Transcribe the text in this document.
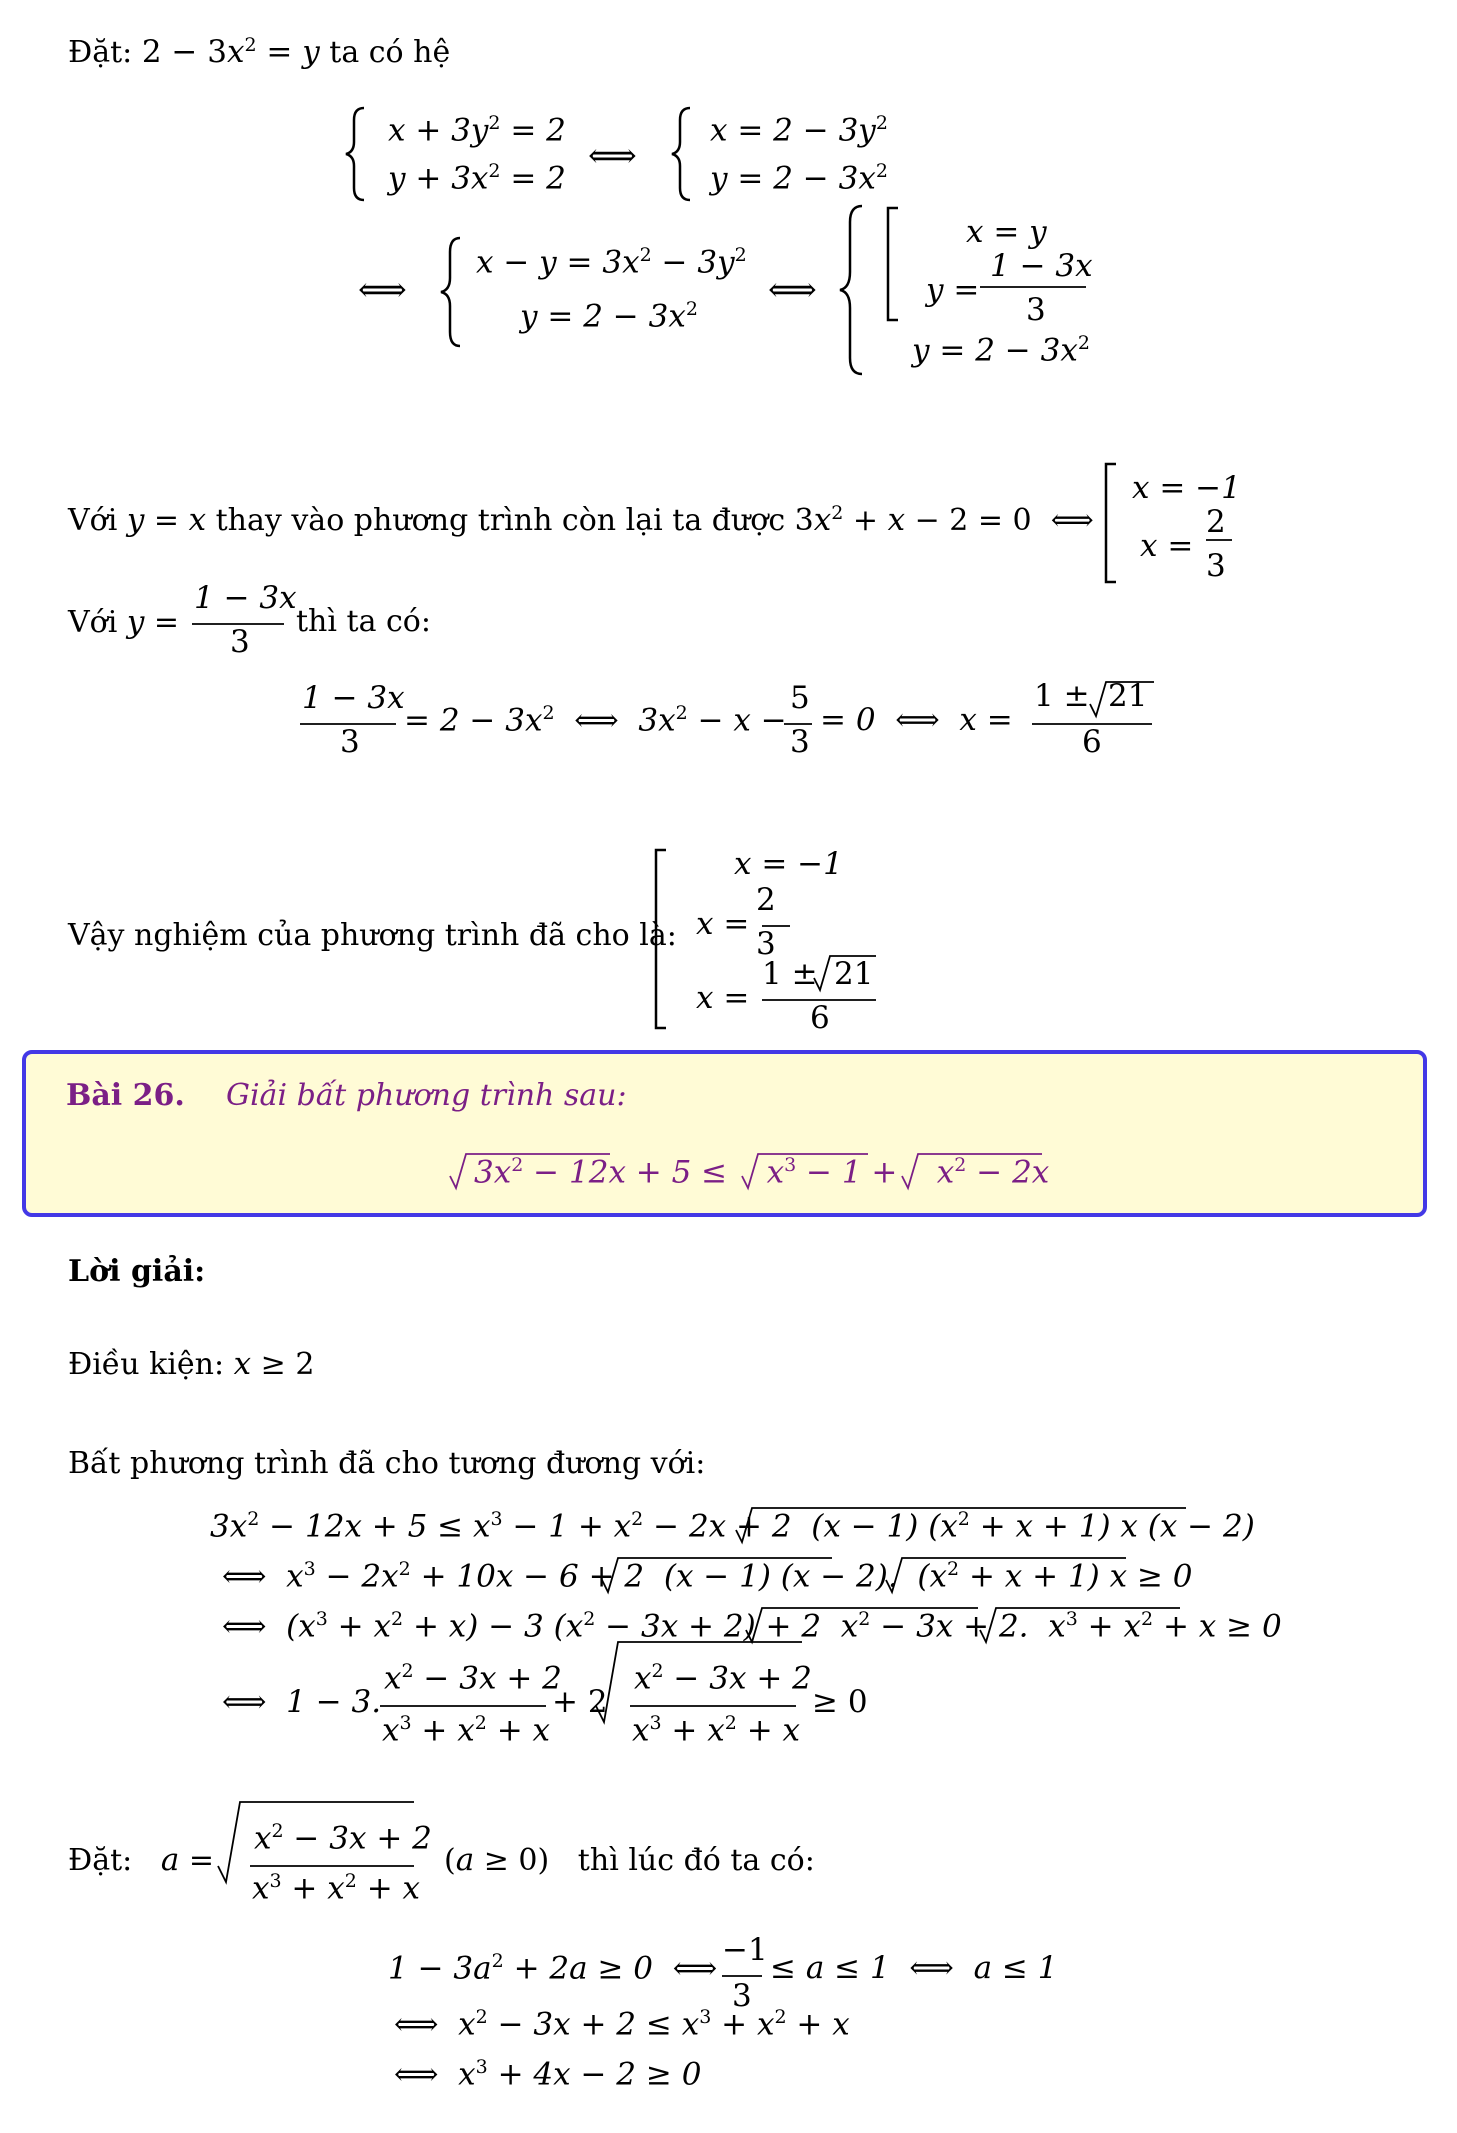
Đặt: $2 - 3x^2 = y$ ta có hệ
$x + 3y^2 = 2$
$y + 3x^2 = 2$
⟺
$x = 2 - 3y^2$
$y = 2 - 3x^2$
⟺
$x - y = 3x^2 - 3y^2$
$y = 2 - 3x^2$ ⟺
x = y
y =
1 − 3x
3
$y = 2 - 3x^2$
Với y = x thay vào phương trình còn lại ta được $3x^2 + x - 2 = 0$  ⟺
x = −1
x =
2
3
Với y =
1 − 3x
3
thì ta có:
1 − 3x
3
= $2 - 3x^2$  ⟺  $3x^2 - x$ −
5
3
= 0  ⟺  x =
1 ± 21
6
Vậy nghiệm của phương trình đã cho là:
x = −1
x =
2
3
x =
1 ± 21
6
Bài 26. Giải bất phương trình sau:
$3x^2 - 12x + 5$ ≤    $x^3 - 1$ +    $x^2 - 2x$
Lời giải:
Điều kiện: x ≥ 2
Bất phương trình đã cho tương đương với:
$3x^2 - 12x + 5 \le x^3 - 1 + x^2 - 2x + 2$  (x − 1) $(x^2 + x + 1)$ x (x − 2)
⟺  $x^3 - 2x^2 + 10x - 6 + 2$  (x − 1) (x − 2).  $(x^2 + x + 1) x \ge 0$
⟺  $(x^3 + x^2 + x) - 3$ $(x^2 - 3x + 2) + 2$  $x^2 - 3x + 2$.  $x^3 + x^2 + x \ge 0$
⟺  1 − 3.
$x^2 - 3x + 2$
$x^3 + x^2 + x$
+ 2
$x^2 - 3x + 2$
$x^3 + x^2 + x$
≥ 0
Đặt:   a =
$x^2 - 3x + 2$
$x^3 + x^2 + x$
(a ≥ 0)   thì lúc đó ta có:
$1 - 3a^2 + 2a \ge 0$  ⟺
−1
3
≤ a ≤ 1  ⟺  a ≤ 1
⟺  $x^2 - 3x + 2 \le x^3 + x^2 + x$
⟺  $x^3 + 4x - 2 \ge 0$
